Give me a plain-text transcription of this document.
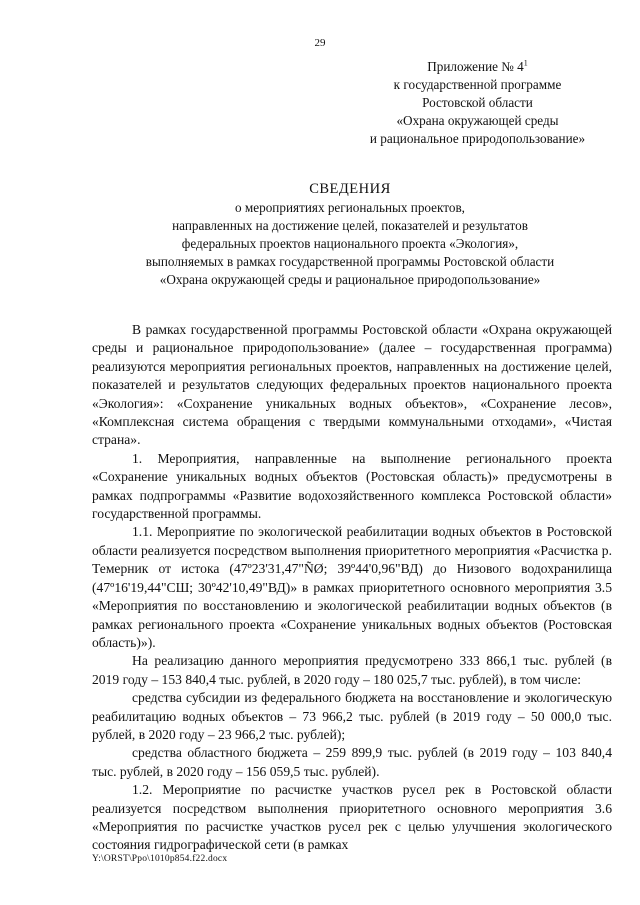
29
Приложение № $4^1$
к государственной программе
Ростовской области
«Охрана окружающей среды
и рациональное природопользование»
СВЕДЕНИЯ
о мероприятиях региональных проектов,
направленных на достижение целей, показателей и результатов
федеральных проектов национального проекта «Экология»,
выполняемых в рамках государственной программы Ростовской области
«Охрана окружающей среды и рациональное природопользование»

В рамках государственной программы Ростовской области «Охрана окружающей среды и рациональное природопользование» (далее – государственная программа) реализуются мероприятия региональных проектов, направленных на достижение целей, показателей и результатов следующих федеральных проектов национального проекта «Экология»: «Сохранение уникальных водных объектов», «Сохранение лесов», «Комплексная система обращения с твердыми коммунальными отходами», «Чистая страна».

1. Мероприятия, направленные на выполнение регионального проекта «Сохранение уникальных водных объектов (Ростовская область)» предусмотрены в рамках подпрограммы «Развитие водохозяйственного комплекса Ростовской области» государственной программы.

1.1. Мероприятие по экологической реабилитации водных объектов в Ростовской области реализуется посредством выполнения приоритетного мероприятия «Расчистка р. Темерник от истока (47º23'31,47"ÑØ; 39º44'0,96"ВД) до Низового водохранилища (47º16'19,44"СШ; 30º42'10,49"ВД)» в рамках приоритетного основного мероприятия 3.5 «Мероприятия по восстановлению и экологической реабилитации водных объектов (в рамках регионального проекта «Сохранение уникальных водных объектов (Ростовская область)»).

На реализацию данного мероприятия предусмотрено 333 866,1 тыс. рублей (в 2019 году – 153 840,4 тыс. рублей, в 2020 году – 180 025,7 тыс. рублей), в том числе:

средства субсидии из федерального бюджета на восстановление и экологическую реабилитацию водных объектов – 73 966,2 тыс. рублей (в 2019 году – 50 000,0 тыс. рублей, в 2020 году – 23 966,2 тыс. рублей);

средства областного бюджета – 259 899,9 тыс. рублей (в 2019 году – 103 840,4 тыс. рублей, в 2020 году – 156 059,5 тыс. рублей).

1.2. Мероприятие по расчистке участков русел рек в Ростовской области реализуется посредством выполнения приоритетного основного мероприятия 3.6 «Мероприятия по расчистке участков русел рек с целью улучшения экологического состояния гидрографической сети (в рамках

Y:\ORST\Ppo\1010p854.f22.docx
